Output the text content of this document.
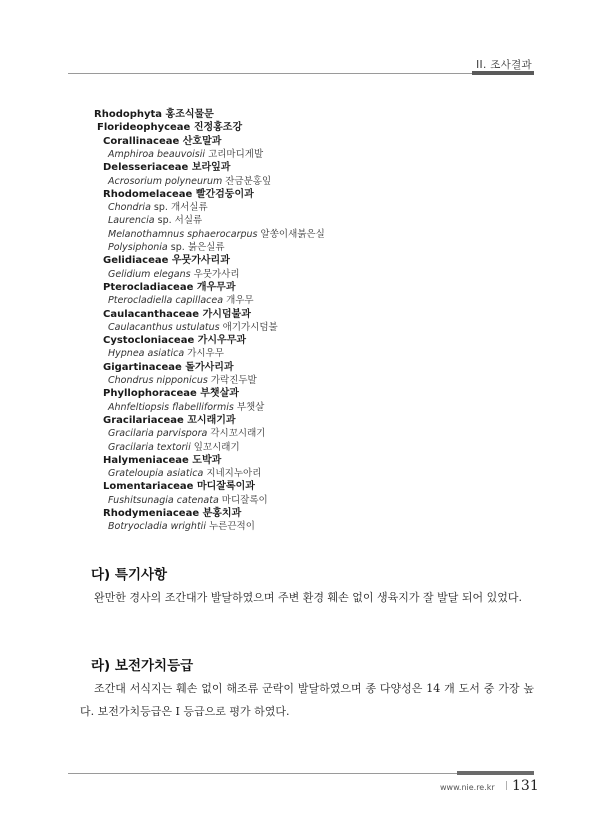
II. 조사결과
Rhodophyta 홍조식물문
Florideophyceae 진정홍조강
Corallinaceae 산호말과
Amphiroa beauvoisii 고리마디게발
Delesseriaceae 보라잎과
Acrosorium polyneurum 잔금분홍잎
Rhodomelaceae 빨간검둥이과
Chondria sp. 개서실류
Laurencia sp. 서실류
Melanothamnus sphaerocarpus 알쏭이새붉은실
Polysiphonia sp. 붉은실류
Gelidiaceae 우뭇가사리과
Gelidium elegans 우뭇가사리
Pterocladiaceae 개우무과
Pterocladiella capillacea 개우무
Caulacanthaceae 가시덤불과
Caulacanthus ustulatus 애기가시덤불
Cystocloniaceae 가시우무과
Hypnea asiatica 가시우무
Gigartinaceae 돌가사리과
Chondrus nipponicus 가락진두발
Phyllophoraceae 부챗살과
Ahnfeltiopsis flabelliformis 부챗살
Gracilariaceae 꼬시래기과
Gracilaria parvispora 각시꼬시래기
Gracilaria textorii 잎꼬시래기
Halymeniaceae 도박과
Grateloupia asiatica 지네지누아리
Lomentariaceae 마디잘록이과
Fushitsunagia catenata 마디잘록이
Rhodymeniaceae 분홍치과
Botryocladia wrightii 누른끈적이
다) 특기사항
완만한 경사의 조간대가 발달하였으며 주변 환경 훼손 없이 생육지가 잘 발달 되어 있었다.
라) 보전가치등급
조간대 서식지는 훼손 없이 해조류 군락이 발달하였으며 종 다양성은 14 개 도서 중 가장 높다. 보전가치등급은 I 등급으로 평가 하였다.
www.nie.re.kr | 131
